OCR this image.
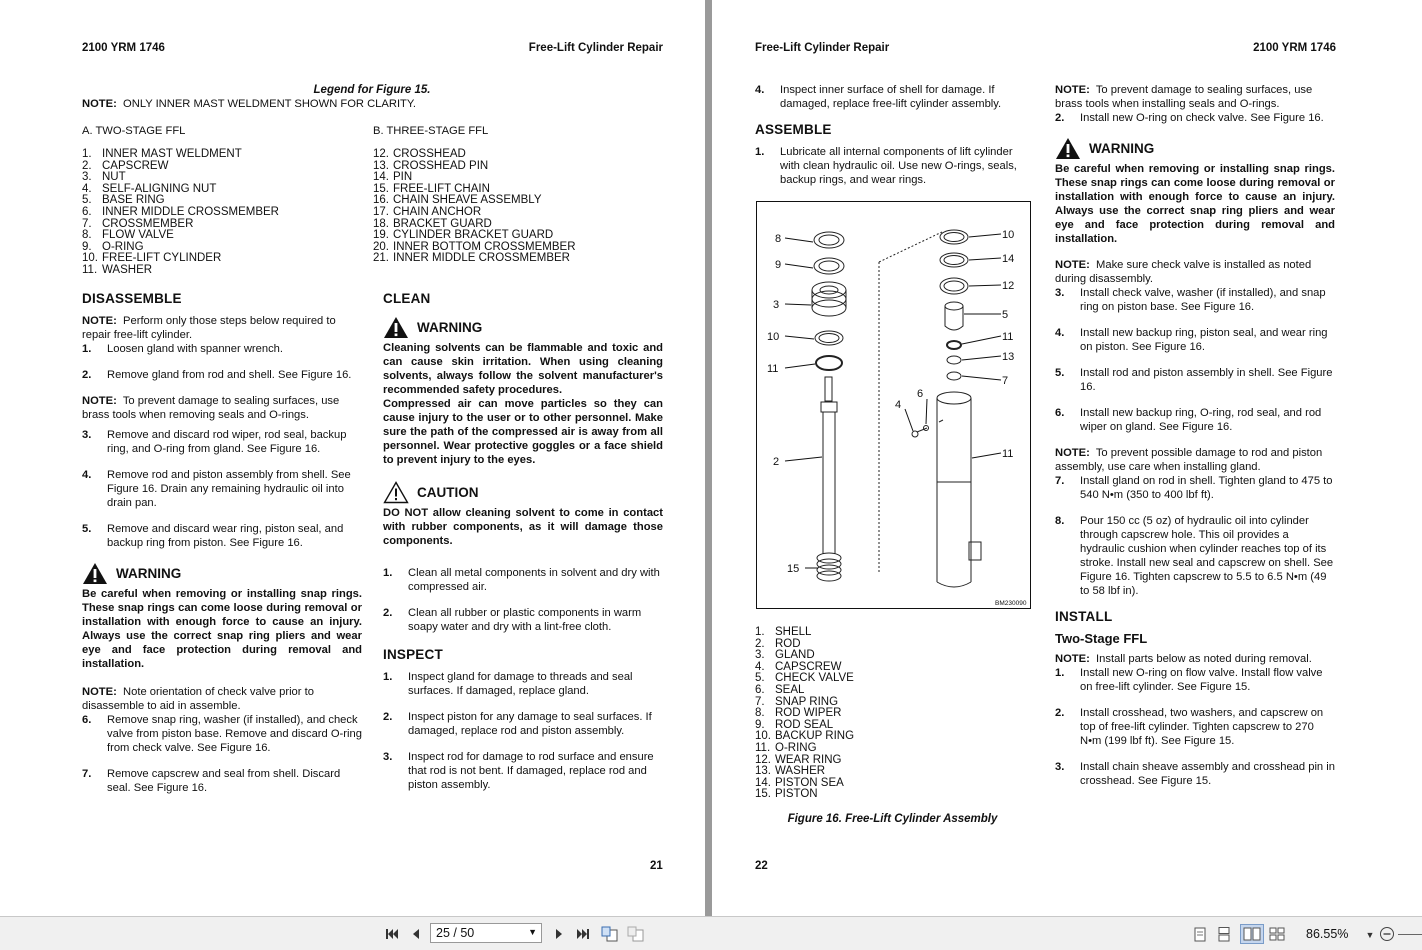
2100 YRM 1746	Free-Lift Cylinder Repair
Legend for Figure 15.

NOTE: ONLY INNER MAST WELDMENT SHOWN FOR CLARITY.

A. TWO-STAGE FFL

1. INNER MAST WELDMENT
2. CAPSCREW
3. NUT
4. SELF-ALIGNING NUT
5. BASE RING
6. INNER MIDDLE CROSSMEMBER
7. CROSSMEMBER
8. FLOW VALVE
9. O-RING
10. FREE-LIFT CYLINDER
11. WASHER

B. THREE-STAGE FFL

12. CROSSHEAD
13. CROSSHEAD PIN
14. PIN
15. FREE-LIFT CHAIN
16. CHAIN SHEAVE ASSEMBLY
17. CHAIN ANCHOR
18. BRACKET GUARD
19. CYLINDER BRACKET GUARD
20. INNER BOTTOM CROSSMEMBER
21. INNER MIDDLE CROSSMEMBER
DISASSEMBLE

NOTE: Perform only those steps below required to repair free-lift cylinder.

1.	Loosen gland with spanner wrench.
2.	Remove gland from rod and shell. See Figure 16.

NOTE: To prevent damage to sealing surfaces, use brass tools when removing seals and O-rings.

3.	Remove and discard rod wiper, rod seal, backup ring, and O-ring from gland. See Figure 16.
4.	Remove rod and piston assembly from shell. See Figure 16. Drain any remaining hydraulic oil into drain pan.
5.	Remove and discard wear ring, piston seal, and backup ring from piston. See Figure 16.
WARNING

Be careful when removing or installing snap rings. These snap rings can come loose during removal or installation with enough force to cause an injury. Always use the correct snap ring pliers and wear eye and face protection during removal and installation.

NOTE: Note orientation of check valve prior to disassemble to aid in assemble.

6.	Remove snap ring, washer (if installed), and check valve from piston base. Remove and discard O-ring from check valve. See Figure 16.
7.	Remove capscrew and seal from shell. Discard seal. See Figure 16.
CLEAN
WARNING

Cleaning solvents can be flammable and toxic and can cause skin irritation. When using cleaning solvents, always follow the solvent manufacturer's recommended safety procedures.

Compressed air can move particles so they can cause injury to the user or to other personnel. Make sure the path of the compressed air is away from all personnel. Wear protective goggles or a face shield to prevent injury to the eyes.

CAUTION

DO NOT allow cleaning solvent to come in contact with rubber components, as it will damage those components.

1.	Clean all metal components in solvent and dry with compressed air.
2.	Clean all rubber or plastic components in warm soapy water and dry with a lint-free cloth.
INSPECT
1.	Inspect gland for damage to threads and seal surfaces. If damaged, replace gland.
2.	Inspect piston for any damage to seal surfaces. If damaged, replace rod and piston assembly.
3.	Inspect rod for damage to rod surface and ensure that rod is not bent. If damaged, replace rod and piston assembly.
21
Free-Lift Cylinder Repair	2100 YRM 1746
4.	Inspect inner surface of shell for damage. If damaged, replace free-lift cylinder assembly.
ASSEMBLE
1.	Lubricate all internal components of lift cylinder with clean hydraulic oil. Use new O-rings, seals, backup rings, and wear rings.
8
9
3
10
11
2
15
4
6
10
14
12
5
11
13
7
11
BM230090
1. SHELL
2. ROD
3. GLAND
4. CAPSCREW
5. CHECK VALVE
6. SEAL
7. SNAP RING
8. ROD WIPER
9. ROD SEAL
10. BACKUP RING
11. O-RING
12. WEAR RING
13. WASHER
14. PISTON SEA
15. PISTON
Figure 16. Free-Lift Cylinder Assembly

NOTE: To prevent damage to sealing surfaces, use brass tools when installing seals and O-rings.

2.	Install new O-ring on check valve. See Figure 16.
WARNING

Be careful when removing or installing snap rings. These snap rings can come loose during removal or installation with enough force to cause an injury. Always use the correct snap ring pliers and wear eye and face protection during removal and installation.

NOTE: Make sure check valve is installed as noted during disassembly.

3.	Install check valve, washer (if installed), and snap ring on piston base. See Figure 16.
4.	Install new backup ring, piston seal, and wear ring on piston. See Figure 16.
5.	Install rod and piston assembly in shell. See Figure 16.
6.	Install new backup ring, O-ring, rod seal, and rod wiper on gland. See Figure 16.

NOTE: To prevent possible damage to rod and piston assembly, use care when installing gland.

7.	Install gland on rod in shell. Tighten gland to 475 to 540 N•m (350 to 400 lbf ft).
8.	Pour 150 cc (5 oz) of hydraulic oil into cylinder through capscrew hole. This oil provides a hydraulic cushion when cylinder reaches top of its stroke. Install new seal and capscrew on shell. See Figure 16. Tighten capscrew to 5.5 to 6.5 N•m (49 to 58 lbf in).
INSTALL
Two-Stage FFL

NOTE: Install parts below as noted during removal.

1.	Install new O-ring on flow valve. Install flow valve on free-lift cylinder. See Figure 15.
2.	Install crosshead, two washers, and capscrew on top of free-lift cylinder. Tighten capscrew to 270 N•m (199 lbf ft). See Figure 15.
3.	Install chain sheave assembly and crosshead pin in crosshead. See Figure 15.
22
25 / 50	▼	86.55% ▼
